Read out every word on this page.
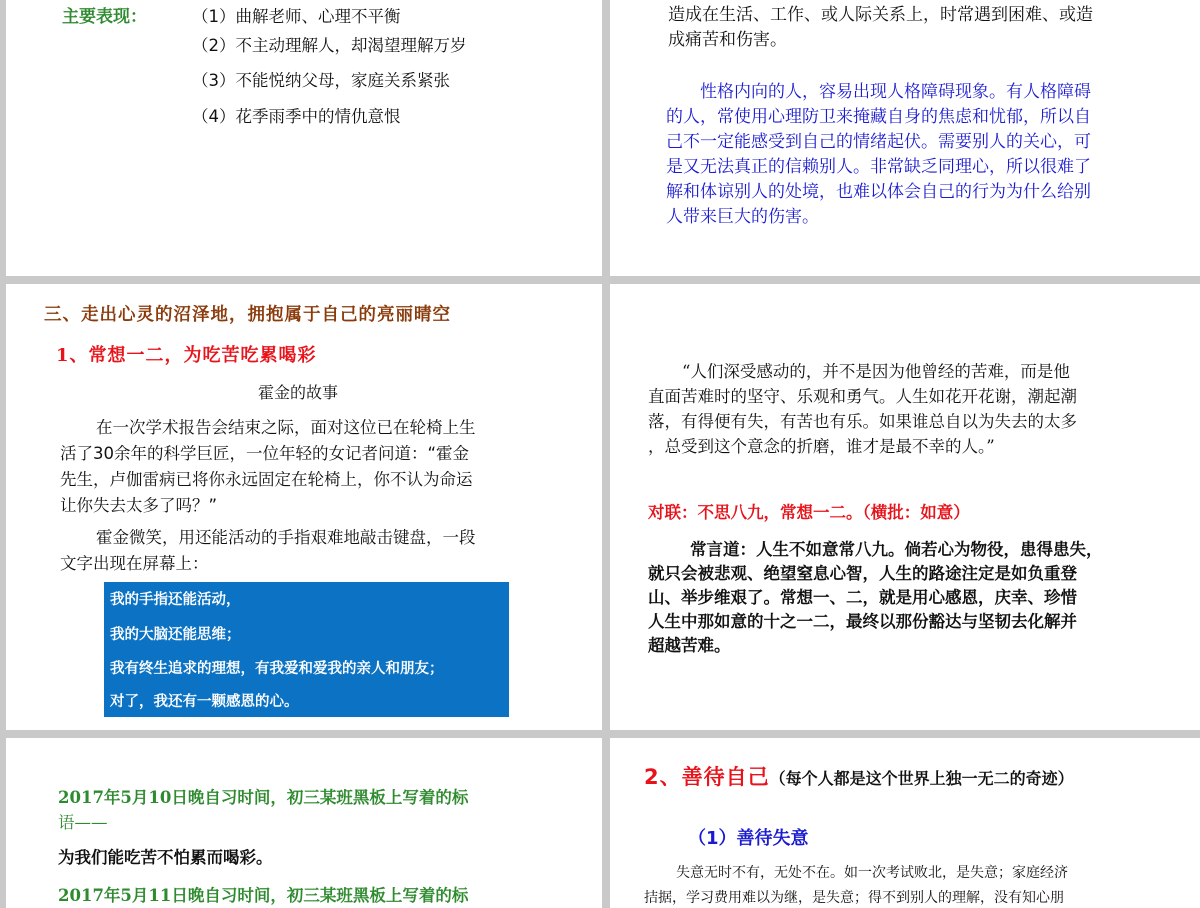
主要表现：	（1）曲解老师、心理不平衡
（2）不主动理解人，却渴望理解万岁
（3）不能悦纳父母，家庭关系紧张
（4）花季雨季中的情仇意恨
造成在生活、工作、或人际关系上，时常遇到困难、或造
成痛苦和伤害。
性格内向的人，容易出现人格障碍现象。有人格障碍
的人，常使用心理防卫来掩藏自身的焦虑和忧郁，所以自
己不一定能感受到自己的情绪起伏。需要别人的关心，可
是又无法真正的信赖别人。非常缺乏同理心，所以很难了
解和体谅别人的处境，也难以体会自己的行为为什么给别
人带来巨大的伤害。
三、走出心灵的沼泽地，拥抱属于自己的亮丽晴空
1、常想一二，为吃苦吃累喝彩
霍金的故事
在一次学术报告会结束之际，面对这位已在轮椅上生
活了30余年的科学巨匠，一位年轻的女记者问道：“霍金
先生，卢伽雷病已将你永远固定在轮椅上，你不认为命运
让你失去太多了吗？”
霍金微笑，用还能活动的手指艰难地敲击键盘，一段
文字出现在屏幕上：
我的手指还能活动，
我的大脑还能思维；
我有终生追求的理想，有我爱和爱我的亲人和朋友；
对了，我还有一颗感恩的心。
“人们深受感动的，并不是因为他曾经的苦难，而是他
直面苦难时的坚守、乐观和勇气。人生如花开花谢，潮起潮
落，有得便有失，有苦也有乐。如果谁总自以为失去的太多
，总受到这个意念的折磨，谁才是最不幸的人。”
对联：不思八九，常想一二。（横批：如意）
常言道：人生不如意常八九。倘若心为物役，患得患失，
就只会被悲观、绝望窒息心智，人生的路途注定是如负重登
山、举步维艰了。常想一、二，就是用心感恩，庆幸、珍惜
人生中那如意的十之一二，最终以那份豁达与坚韧去化解并
超越苦难。
2017年5月10日晚自习时间，初三某班黑板上写着的标
语——
为我们能吃苦不怕累而喝彩。
2017年5月11日晚自习时间，初三某班黑板上写着的标
2、善待自己（每个人都是这个世界上独一无二的奇迹）
（1）善待失意
失意无时不有，无处不在。如一次考试败北，是失意；家庭经济
拮据，学习费用难以为继，是失意；得不到别人的理解，没有知心朋
